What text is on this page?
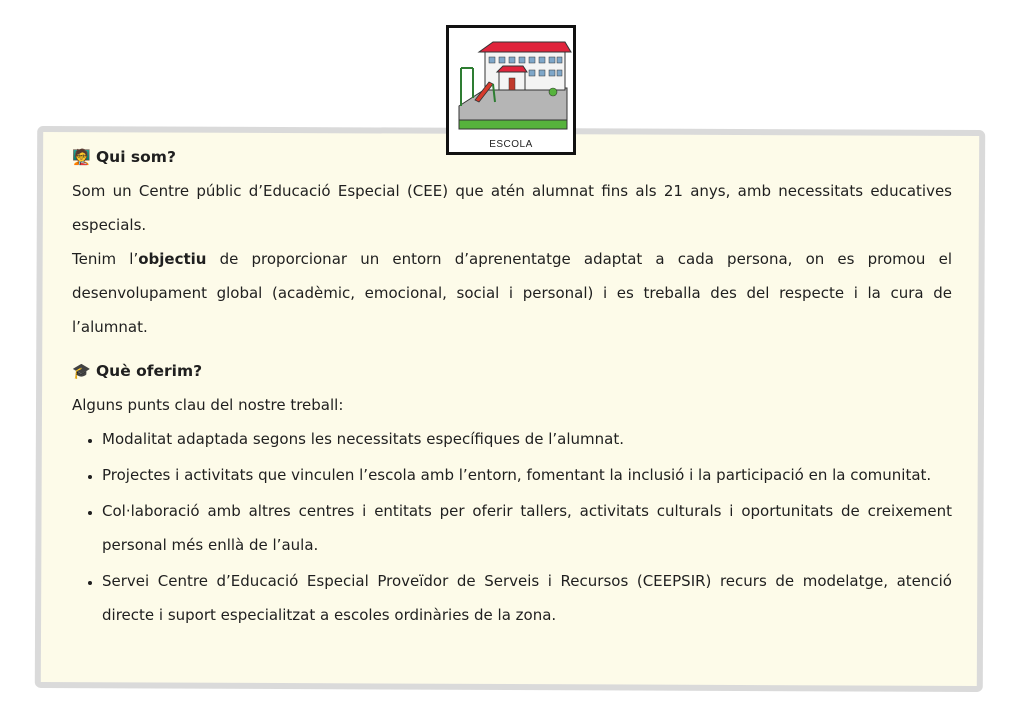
ESCOLA
🧑‍🏫 Qui som?

Som un Centre públic d’Educació Especial (CEE) que atén alumnat fins als 21 anys, amb necessitats educatives especials.

Tenim l’objectiu de proporcionar un entorn d’aprenentatge adaptat a cada persona, on es promou el desenvolupament global (acadèmic, emocional, social i personal) i es treballa des del respecte i la cura de l’alumnat.

🎓 Què oferim?

Alguns punts clau del nostre treball:

• Modalitat adaptada segons les necessitats específiques de l’alumnat.
• Projectes i activitats que vinculen l’escola amb l’entorn, fomentant la inclusió i la participació en la comunitat.
• Col·laboració amb altres centres i entitats per oferir tallers, activitats culturals i oportunitats de creixement personal més enllà de l’aula.
• Servei Centre d’Educació Especial Proveïdor de Serveis i Recursos (CEEPSIR) recurs de modelatge, atenció directe i suport especialitzat a escoles ordinàries de la zona.
